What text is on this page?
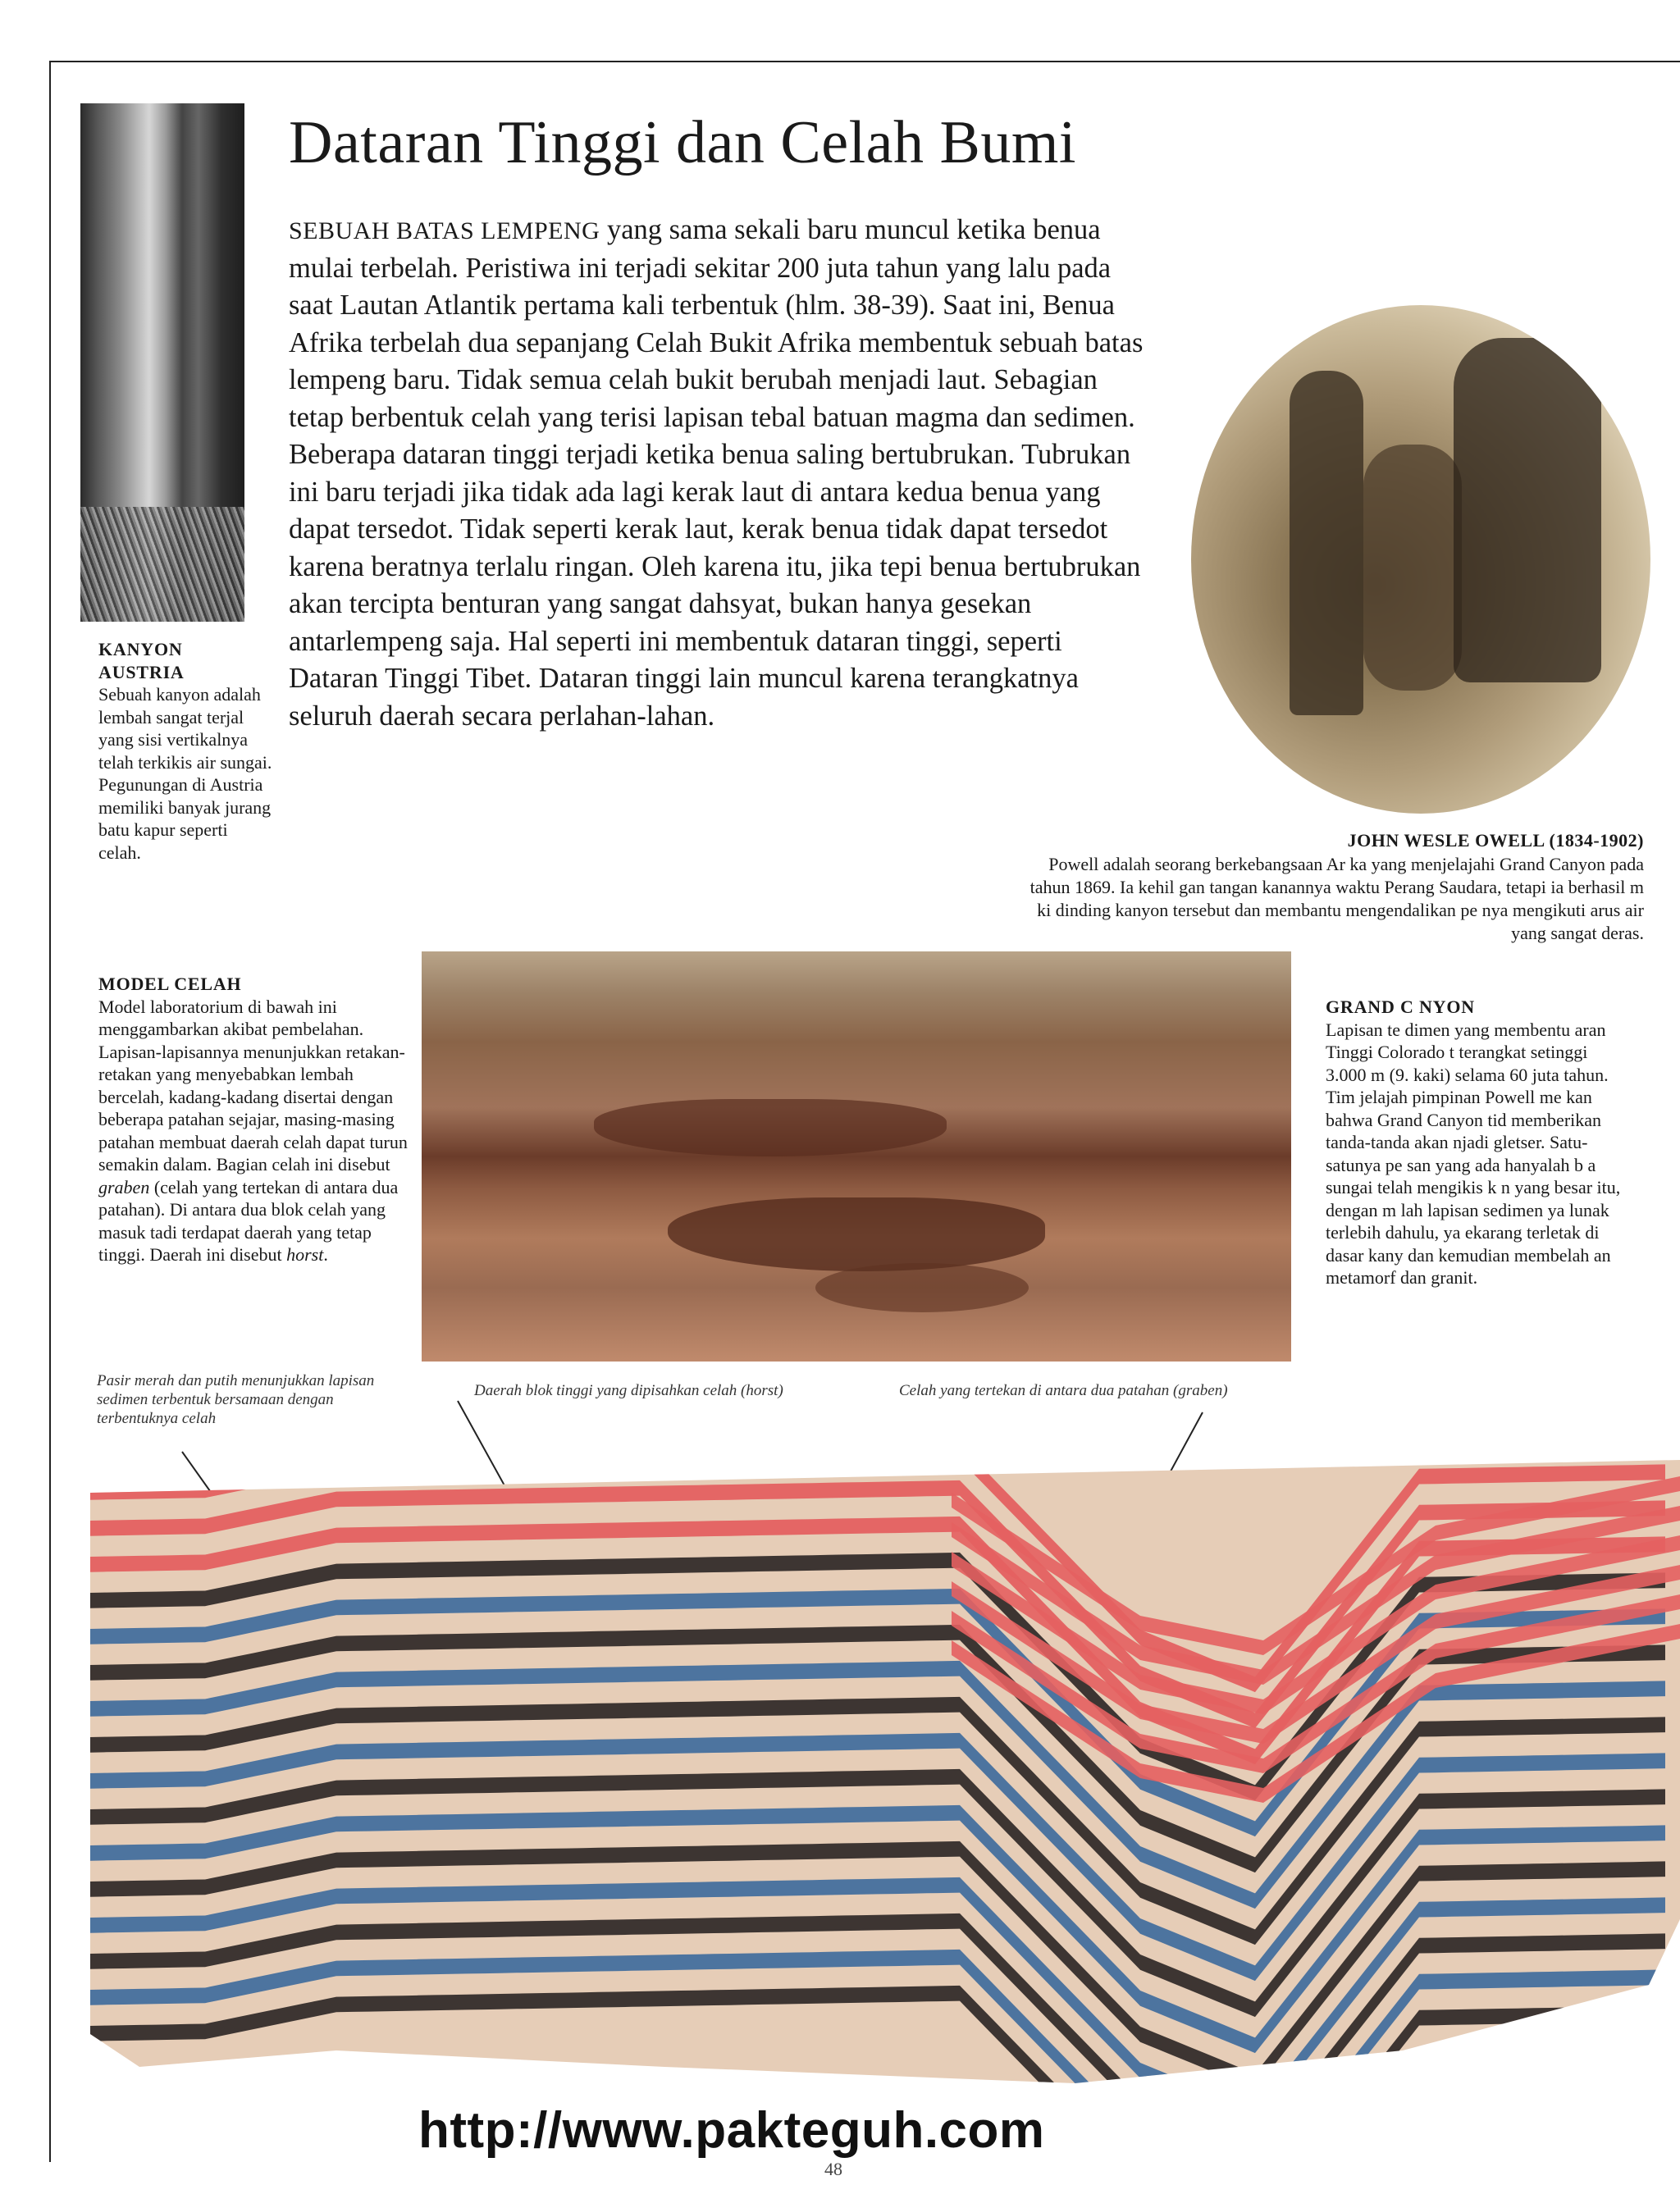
Dataran Tinggi dan Celah Bumi

SEBUAH BATAS LEMPENG yang sama sekali baru muncul ketika benua mulai terbelah. Peristiwa ini terjadi sekitar 200 juta tahun yang lalu pada saat Lautan Atlantik pertama kali terbentuk (hlm. 38-39). Saat ini, Benua Afrika terbelah dua sepanjang Celah Bukit Afrika membentuk sebuah batas lempeng baru. Tidak semua celah bukit berubah menjadi laut. Sebagian tetap berbentuk celah yang terisi lapisan tebal batuan magma dan sedimen. Beberapa dataran tinggi terjadi ketika benua saling bertubrukan. Tubrukan ini baru terjadi jika tidak ada lagi kerak laut di antara kedua benua yang dapat tersedot. Tidak seperti kerak laut, kerak benua tidak dapat tersedot karena beratnya terlalu ringan. Oleh karena itu, jika tepi benua bertubrukan akan tercipta benturan yang sangat dahsyat, bukan hanya gesekan antarlempeng saja. Hal seperti ini membentuk dataran tinggi, seperti Dataran Tinggi Tibet. Dataran tinggi lain muncul karena terangkatnya seluruh daerah secara perlahan-lahan.

KANYON

AUSTRIA

Sebuah kanyon adalah lembah sangat terjal yang sisi vertikalnya telah terkikis air sungai. Pegunungan di Austria memiliki banyak jurang batu kapur seperti celah.

MODEL CELAH

Model laboratorium di bawah ini menggambarkan akibat pembelahan. Lapisan-lapisannya menunjukkan retakan-retakan yang menyebabkan lembah bercelah, kadang-kadang disertai dengan beberapa patahan sejajar, masing-masing patahan membuat daerah celah dapat turun semakin dalam. Bagian celah ini disebut graben (celah yang tertekan di antara dua patahan). Di antara dua blok celah yang masuk tadi terdapat daerah yang tetap tinggi. Daerah ini disebut horst.

JOHN WESLE OWELL (1834-1902)

Powell adalah seorang berkebangsaan Ar ka yang menjelajahi Grand Canyon pada tahun 1869. Ia kehil gan tangan kanannya waktu Perang Saudara, tetapi ia berhasil m ki dinding kanyon tersebut dan membantu mengendalikan pe nya mengikuti arus air yang sangat deras.

GRAND C NYON

Lapisan te dimen yang membentu aran Tinggi Colorado t terangkat setinggi 3.000 m (9. kaki) selama 60 juta tahun. Tim jelajah pimpinan Powell me kan bahwa Grand Canyon tid memberikan tanda-tanda akan njadi gletser. Satu-satunya pe san yang ada hanyalah b a sungai telah mengikis k n yang besar itu, dengan m lah lapisan sedimen ya lunak terlebih dahulu, ya ekarang terletak di dasar kany dan kemudian membelah an metamorf dan granit.

Pasir merah dan putih menunjukkan lapisan sedimen terbentuk bersamaan dengan terbentuknya celah

Daerah blok tinggi yang dipisahkan celah (horst)	Celah yang tertekan di antara dua patahan (graben)

http://www.pakteguh.com

48
